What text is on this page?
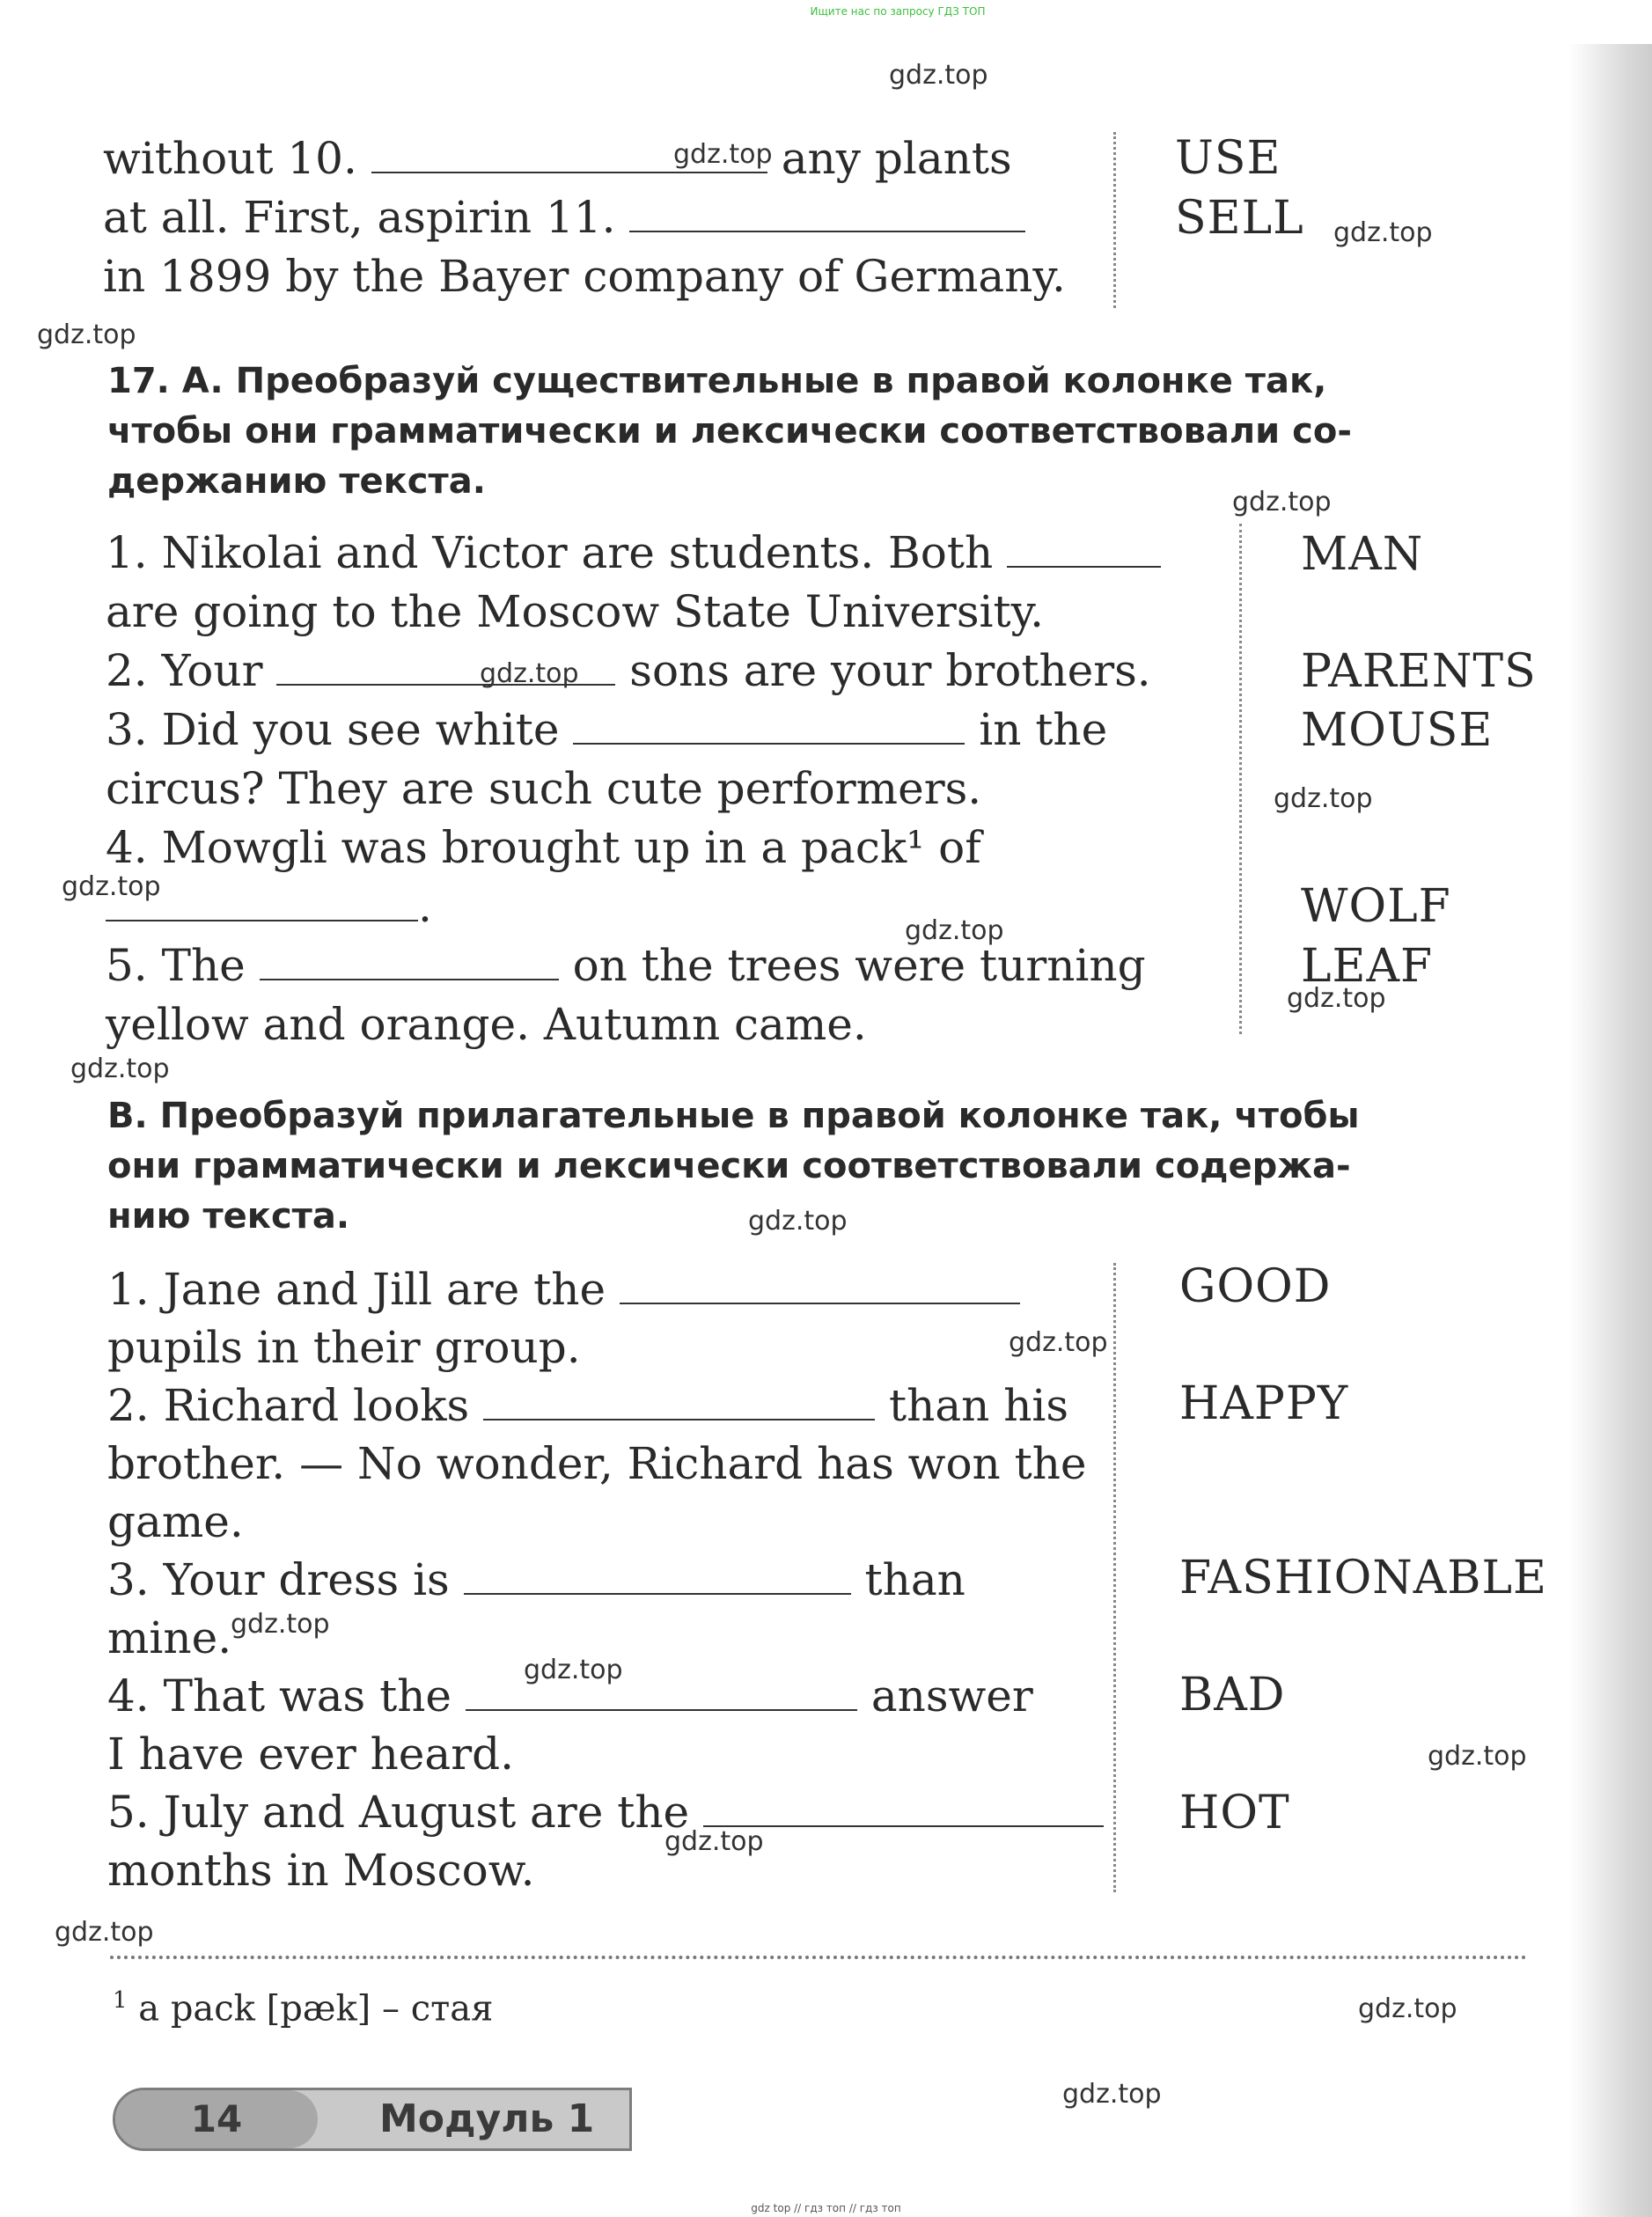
Ищите нас по запросу ГДЗ ТОП
gdz.top
gdz.top
gdz.top
gdz.top
gdz.top
gdz.top
gdz.top
gdz.top
gdz.top
gdz.top
gdz.top
gdz.top
gdz.top
gdz.top
gdz.top
gdz.top
gdz.top
gdz.top
gdz.top
gdz.top
without 10.	any plants
at all. First, aspirin 11.
in 1899 by the Bayer company of Germany.
USE
SELL
17. A. Преобразуй существительные в правой колонке так,
чтобы они грамматически и лексически соответствовали со-
держанию текста.
1. Nikolai and Victor are students. Both
are going to the Moscow State University.
2. Your	sons are your brothers.
3. Did you see white	in the
circus? They are such cute performers.
4. Mowgli was brought up in a pack¹ of
.
5. The	on the trees were turning
yellow and orange. Autumn came.
MAN
PARENTS
MOUSE
WOLF
LEAF
B. Преобразуй прилагательные в правой колонке так, чтобы
они грамматически и лексически соответствовали содержа-
нию текста.
1. Jane and Jill are the
pupils in their group.
2. Richard looks	than his
brother. — No wonder, Richard has won the
game.
3. Your dress is	than
mine.
4. That was the	answer
I have ever heard.
5. July and August are the
months in Moscow.
GOOD
HAPPY
FASHIONABLE
BAD
HOT
$^1$ a pack [pæk] – стая
14	Модуль 1
gdz top // гдз топ // гдз топ
